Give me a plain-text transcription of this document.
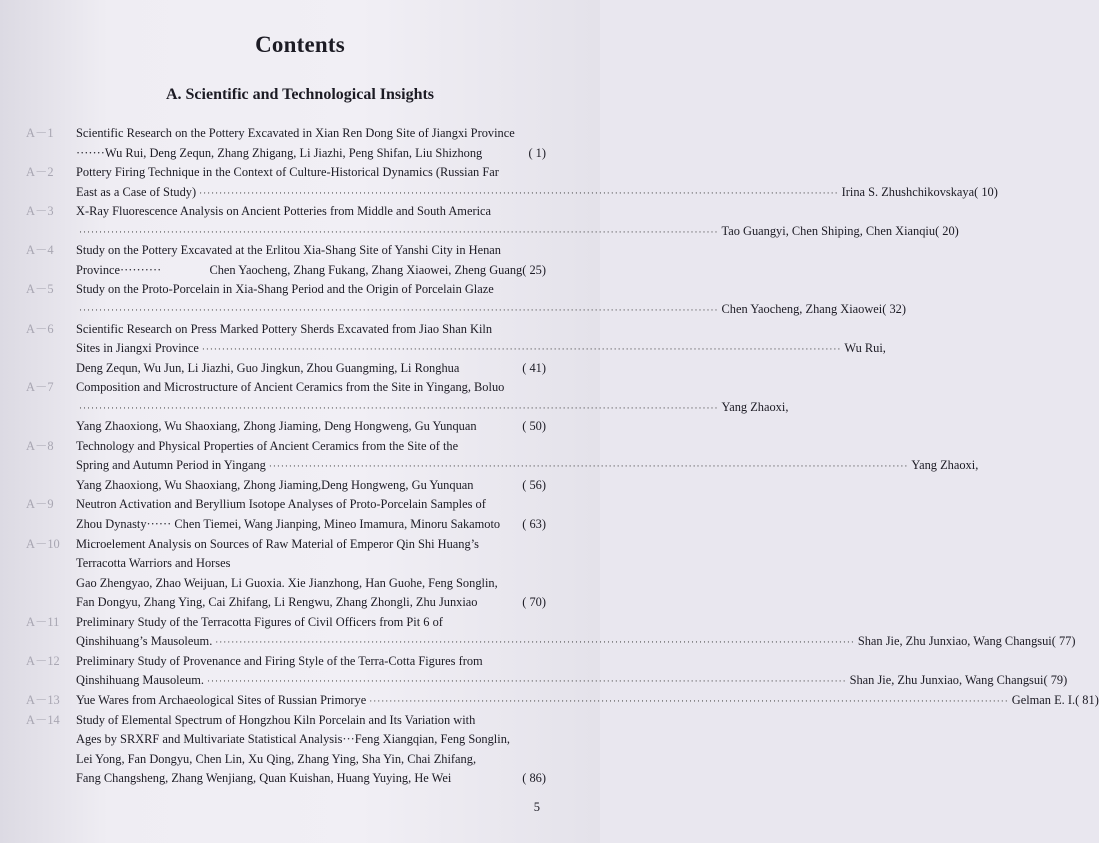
Contents
A. Scientific and Technological Insights
A－1	Scientific Research on the Pottery Excavated in Xian Ren Dong Site of Jiangxi Province
·······Wu Rui, Deng Zequn, Zhang Zhigang, Li Jiazhi, Peng Shifan, Liu Shizhong	( 1)
A－2	Pottery Firing Technique in the Context of Culture-Historical Dynamics (Russian Far
East as a Case of Study) ································································································································································ Irina S. Zhushchikovskaya( 10)
A－3	X-Ray Fluorescence Analysis on Ancient Potteries from Middle and South America
································································································································································ Tao Guangyi, Chen Shiping, Chen Xianqiu( 20)
A－4	Study on the Pottery Excavated at the Erlitou Xia-Shang Site of Yanshi City in Henan
Province··········	Chen Yaocheng, Zhang Fukang, Zhang Xiaowei, Zheng Guang( 25)
A－5	Study on the Proto-Porcelain in Xia-Shang Period and the Origin of Porcelain Glaze
································································································································································ Chen Yaocheng, Zhang Xiaowei( 32)
A－6	Scientific Research on Press Marked Pottery Sherds Excavated from Jiao Shan Kiln
Sites in Jiangxi Province ································································································································································ Wu Rui,
Deng Zequn, Wu Jun, Li Jiazhi, Guo Jingkun, Zhou Guangming, Li Ronghua	( 41)
A－7	Composition and Microstructure of Ancient Ceramics from the Site in Yingang, Boluo
································································································································································ Yang Zhaoxi,
Yang Zhaoxiong, Wu Shaoxiang, Zhong Jiaming, Deng Hongweng, Gu Yunquan	( 50)
A－8	Technology and Physical Properties of Ancient Ceramics from the Site of the
Spring and Autumn Period in Yingang ································································································································································ Yang Zhaoxi,
Yang Zhaoxiong, Wu Shaoxiang, Zhong Jiaming,Deng Hongweng, Gu Yunquan	( 56)
A－9	Neutron Activation and Beryllium Isotope Analyses of Proto-Porcelain Samples of
Zhou Dynasty······ Chen Tiemei, Wang Jianping, Mineo Imamura, Minoru Sakamoto ( 63)
A－10	Microelement Analysis on Sources of Raw Material of Emperor Qin Shi Huang’s
Terracotta Warriors and Horses
Gao Zhengyao, Zhao Weijuan, Li Guoxia. Xie Jianzhong, Han Guohe, Feng Songlin,
Fan Dongyu, Zhang Ying, Cai Zhifang, Li Rengwu, Zhang Zhongli, Zhu Junxiao	( 70)
A－11	Preliminary Study of the Terracotta Figures of Civil Officers from Pit 6 of
Qinshihuang’s Mausoleum. ································································································································································ Shan Jie, Zhu Junxiao, Wang Changsui( 77)
A－12	Preliminary Study of Provenance and Firing Style of the Terra-Cotta Figures from
Qinshihuang Mausoleum. ································································································································································ Shan Jie, Zhu Junxiao, Wang Changsui( 79)
A－13	Yue Wares from Archaeological Sites of Russian Primorye ································································································································································ Gelman E. I.( 81)
A－14	Study of Elemental Spectrum of Hongzhou Kiln Porcelain and Its Variation with
Ages by SRXRF and Multivariate Statistical Analysis···Feng Xiangqian, Feng Songlin,
Lei Yong, Fan Dongyu, Chen Lin, Xu Qing, Zhang Ying, Sha Yin, Chai Zhifang,
Fang Changsheng, Zhang Wenjiang, Quan Kuishan, Huang Yuying, He Wei	( 86)
5
